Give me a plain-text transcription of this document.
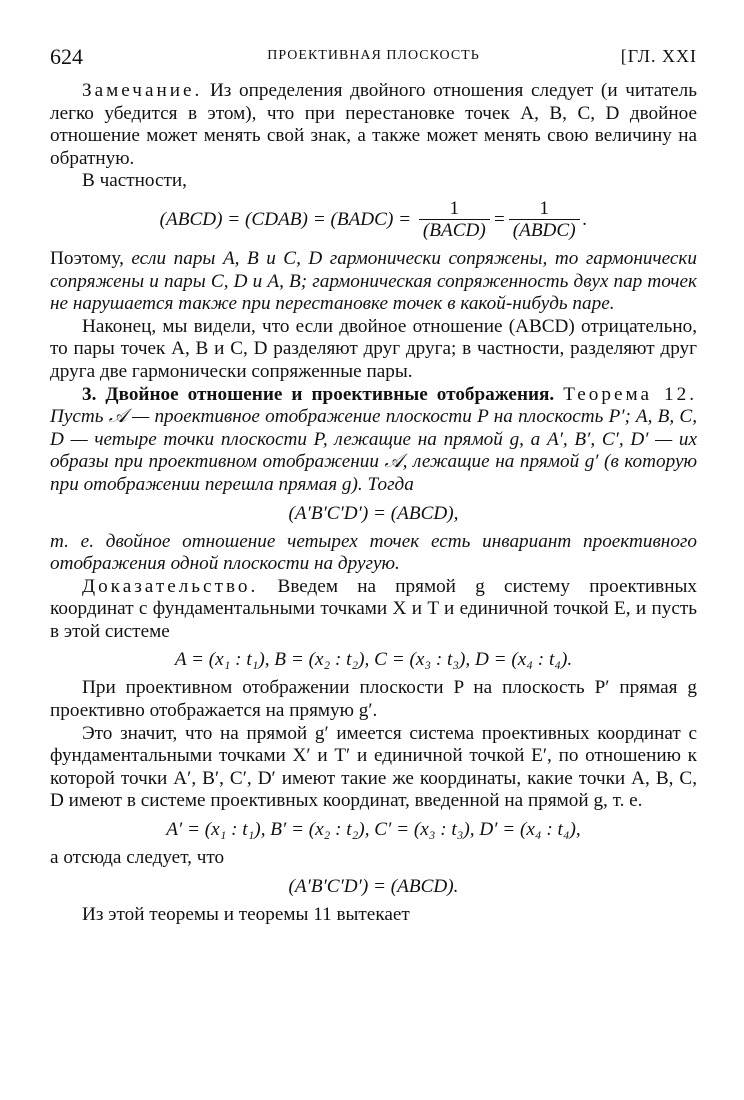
624	ПРОЕКТИВНАЯ ПЛОСКОСТЬ	[ГЛ. XXI

Замечание. Из определения двойного отношения следует (и читатель легко убедится в этом), что при перестановке точек A, B, C, D двойное отношение может менять свой знак, а также может менять свою величину на обратную.

В частности,

(ABCD) = (CDAB) = (BADC) = $\frac{1}{\text{(BACD)}} = \frac{1}{\text{(ABDC)}}$ .

Поэтому, если пары A, B и C, D гармонически сопряжены, то гармонически сопряжены и пары C, D и A, B; гармоническая сопряженность двух пар точек не нарушается также при перестановке точек в какой-нибудь паре.

Наконец, мы видели, что если двойное отношение (ABCD) отрицательно, то пары точек A, B и C, D разделяют друг друга; в частности, разделяют друг друга две гармонически сопряженные пары.

3. Двойное отношение и проективные отображения. Теорема 12. Пусть 𝒜 — проективное отображение плоскости P на плоскость P′; A, B, C, D — четыре точки плоскости P, лежащие на прямой g, а A′, B′, C′, D′ — их образы при проективном отображении 𝒜, лежащие на прямой g′ (в которую при отображении перешла прямая g). Тогда

(A′B′C′D′) = (ABCD),

т. е. двойное отношение четырех точек есть инвариант проективного отображения одной плоскости на другую.

Доказательство. Введем на прямой g систему проективных координат с фундаментальными точками X и T и единичной точкой E, и пусть в этой системе

A = (x₁ : t₁), B = (x₂ : t₂), C = (x₃ : t₃), D = (x₄ : t₄).

При проективном отображении плоскости P на плоскость P′ прямая g проективно отображается на прямую g′.

Это значит, что на прямой g′ имеется система проективных координат с фундаментальными точками X′ и T′ и единичной точкой E′, по отношению к которой точки A′, B′, C′, D′ имеют такие же координаты, какие точки A, B, C, D имеют в системе проективных координат, введенной на прямой g, т. е.

A′ = (x₁ : t₁), B′ = (x₂ : t₂), C′ = (x₃ : t₃), D′ = (x₄ : t₄),

а отсюда следует, что

(A′B′C′D′) = (ABCD).

Из этой теоремы и теоремы 11 вытекает
